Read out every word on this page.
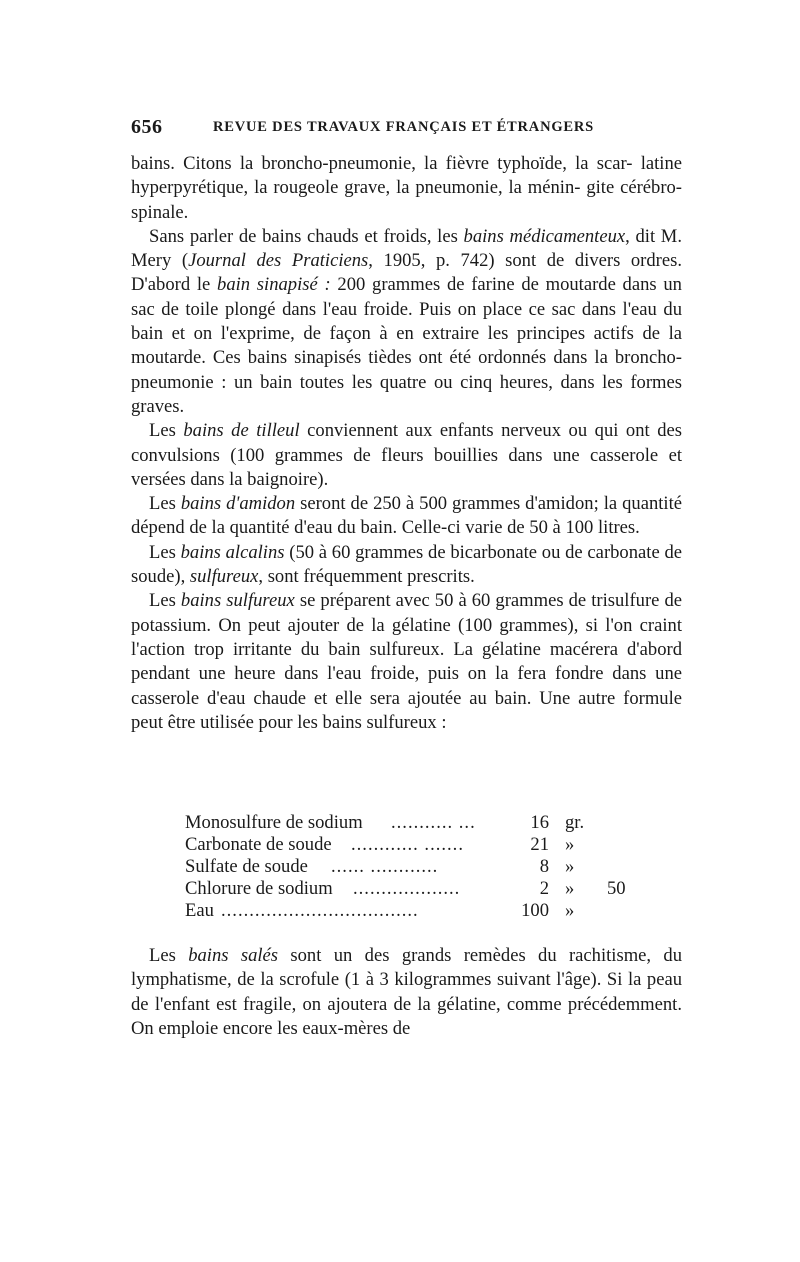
656	REVUE DES TRAVAUX FRANÇAIS ET ÉTRANGERS

bains. Citons la broncho-pneumonie, la fièvre typhoïde, la scar- latine hyperpyrétique, la rougeole grave, la pneumonie, la ménin- gite cérébro-spinale.

Sans parler de bains chauds et froids, les bains médicamenteux, dit M. Mery (Journal des Praticiens, 1905, p. 742) sont de divers ordres. D'abord le bain sinapisé : 200 grammes de farine de moutarde dans un sac de toile plongé dans l'eau froide. Puis on place ce sac dans l'eau du bain et on l'exprime, de façon à en extraire les principes actifs de la moutarde. Ces bains sinapisés tièdes ont été ordonnés dans la broncho-pneumonie : un bain toutes les quatre ou cinq heures, dans les formes graves.

Les bains de tilleul conviennent aux enfants nerveux ou qui ont des convulsions (100 grammes de fleurs bouillies dans une casserole et versées dans la baignoire).

Les bains d'amidon seront de 250 à 500 grammes d'amidon; la quantité dépend de la quantité d'eau du bain. Celle-ci varie de 50 à 100 litres.

Les bains alcalins (50 à 60 grammes de bicarbonate ou de carbonate de soude), sulfureux, sont fréquemment prescrits.

Les bains sulfureux se préparent avec 50 à 60 grammes de trisulfure de potassium. On peut ajouter de la gélatine (100 grammes), si l'on craint l'action trop irritante du bain sulfureux. La gélatine macérera d'abord pendant une heure dans l'eau froide, puis on la fera fondre dans une casserole d'eau chaude et elle sera ajoutée au bain. Une autre formule peut être utilisée pour les bains sulfureux :

Monosulfure de sodium ........... ...	16 gr.
Carbonate de soude ............ .......	21 »
Sulfate de soude ...... ............	8 »
Chlorure de sodium ...................	2 » 50
Eau ...................................	100 »

Les bains salés sont un des grands remèdes du rachitisme, du lymphatisme, de la scrofule (1 à 3 kilogrammes suivant l'âge). Si la peau de l'enfant est fragile, on ajoutera de la gélatine, comme précédemment. On emploie encore les eaux-mères de
